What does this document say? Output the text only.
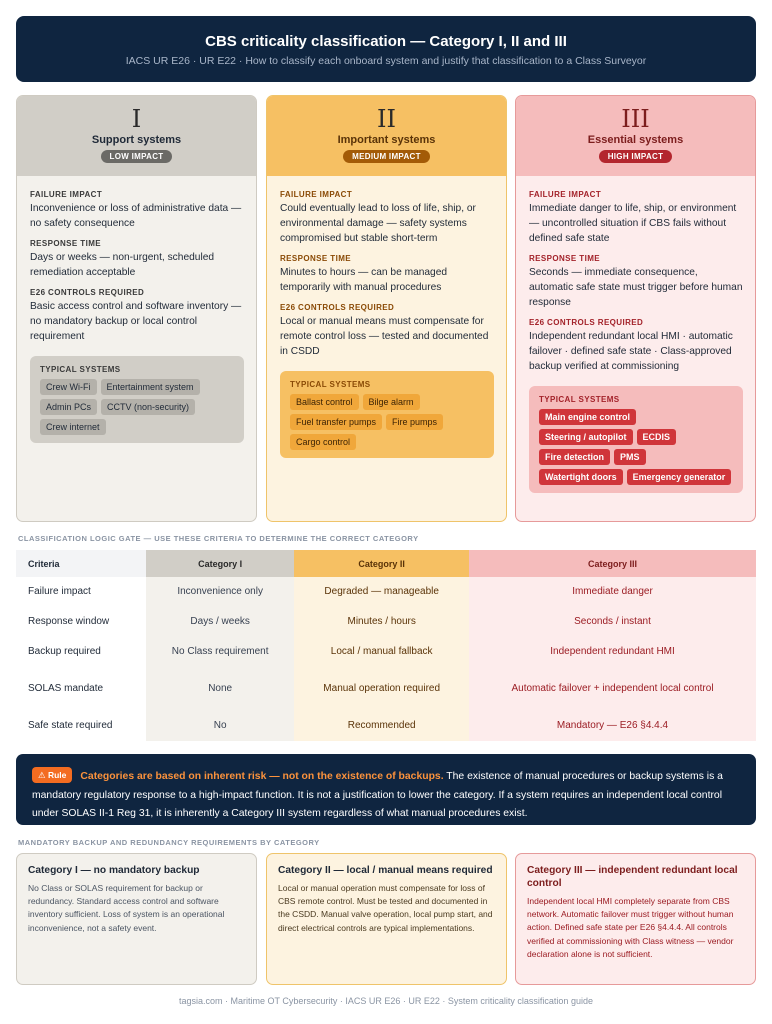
CBS criticality classification — Category I, II and III
IACS UR E26 · UR E22 · How to classify each onboard system and justify that classification to a Class Surveyor
I
Support systems
LOW IMPACT
FAILURE IMPACT
Inconvenience or loss of administrative data — no safety consequence
RESPONSE TIME
Days or weeks — non-urgent, scheduled remediation acceptable
E26 CONTROLS REQUIRED
Basic access control and software inventory — no mandatory backup or local control requirement
TYPICAL SYSTEMS
Crew Wi-Fi	Entertainment system
Admin PCs	CCTV (non-security)
Crew internet
II
Important systems
MEDIUM IMPACT
FAILURE IMPACT
Could eventually lead to loss of life, ship, or environmental damage — safety systems compromised but stable short-term
RESPONSE TIME
Minutes to hours — can be managed temporarily with manual procedures
E26 CONTROLS REQUIRED
Local or manual means must compensate for remote control loss — tested and documented in CSDD
TYPICAL SYSTEMS
Ballast control	Bilge alarm
Fuel transfer pumps	Fire pumps
Cargo control
III
Essential systems
HIGH IMPACT
FAILURE IMPACT
Immediate danger to life, ship, or environment — uncontrolled situation if CBS fails without defined safe state
RESPONSE TIME
Seconds — immediate consequence, automatic safe state must trigger before human response
E26 CONTROLS REQUIRED
Independent redundant local HMI · automatic failover · defined safe state · Class-approved backup verified at commissioning
TYPICAL SYSTEMS
Main engine control
Steering / autopilot	ECDIS
Fire detection	PMS
Watertight doors	Emergency generator
CLASSIFICATION LOGIC GATE — USE THESE CRITERIA TO DETERMINE THE CORRECT CATEGORY
Criteria	Category I	Category II	Category III
Failure impact	Inconvenience only	Degraded — manageable	Immediate danger
Response window	Days / weeks	Minutes / hours	Seconds / instant
Backup required	No Class requirement	Local / manual fallback	Independent redundant HMI
SOLAS mandate	None	Manual operation required	Automatic failover + independent local control
Safe state required	No	Recommended	Mandatory — E26 §4.4.4
⚠ Rule Categories are based on inherent risk — not on the existence of backups. The existence of manual procedures or backup systems is a mandatory regulatory response to a high-impact function. It is not a justification to lower the category. If a system requires an independent local control under SOLAS II-1 Reg 31, it is inherently a Category III system regardless of what manual procedures exist.
MANDATORY BACKUP AND REDUNDANCY REQUIREMENTS BY CATEGORY
Category I — no mandatory backup
No Class or SOLAS requirement for backup or redundancy. Standard access control and software inventory sufficient. Loss of system is an operational inconvenience, not a safety event.
Category II — local / manual means required
Local or manual operation must compensate for loss of CBS remote control. Must be tested and documented in the CSDD. Manual valve operation, local pump start, and direct electrical controls are typical implementations.
Category III — independent redundant local control
Independent local HMI completely separate from CBS network. Automatic failover must trigger without human action. Defined safe state per E26 §4.4.4. All controls verified at commissioning with Class witness — vendor declaration alone is not sufficient.
tagsia.com · Maritime OT Cybersecurity · IACS UR E26 · UR E22 · System criticality classification guide
